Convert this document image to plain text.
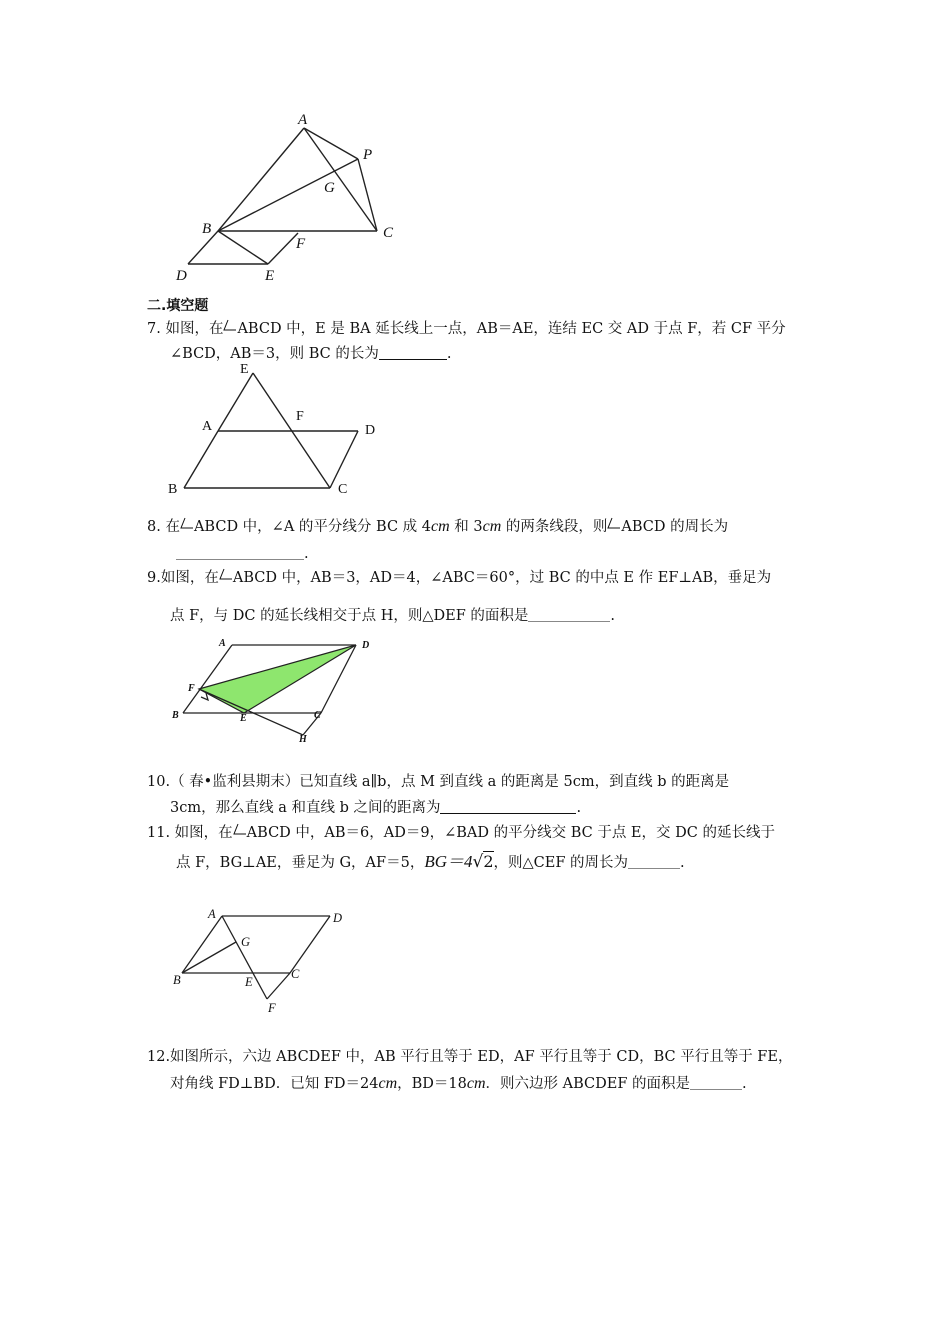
A
P
G
B	C
F
D	E
二.填空题
7. 如图，在 ABCD 中，E 是 BA 延长线上一点，AB＝AE，连结 EC 交 AD 于点 F，若 CF 平分
∠BCD，AB＝3，则 BC 的长为	.
E
A
F
D
B	C
8. 在 ABCD 中，∠A 的平分线分 BC 成 4cm 和 3cm 的两条线段，则 ABCD 的周长为
.
9.如图，在 ABCD 中，AB＝3，AD＝4，∠ABC＝60°，过 BC 的中点 E 作 EF⊥AB，垂足为
点 F，与 DC 的延长线相交于点 H，则△DEF 的面积是	.
A	D
F
B	E	C
H
10.（ 春•监利县期末）已知直线 a∥b，点 M 到直线 a 的距离是 5cm，到直线 b 的距离是
3cm，那么直线 a 和直线 b 之间的距离为	.
11. 如图，在 ABCD 中，AB＝6，AD＝9，∠BAD 的平分线交 BC 于点 E，交 DC 的延长线于
点 F，BG⊥AE，垂足为 G，AF＝5，BG＝4√2，则△CEF 的周长为	.
A	D
G
B	E
C
F
12.如图所示，六边 ABCDEF 中，AB 平行且等于 ED，AF 平行且等于 CD，BC 平行且等于 FE，
对角线 FD⊥BD．已知 FD＝24cm，BD＝18cm．则六边形 ABCDEF 的面积是	.
